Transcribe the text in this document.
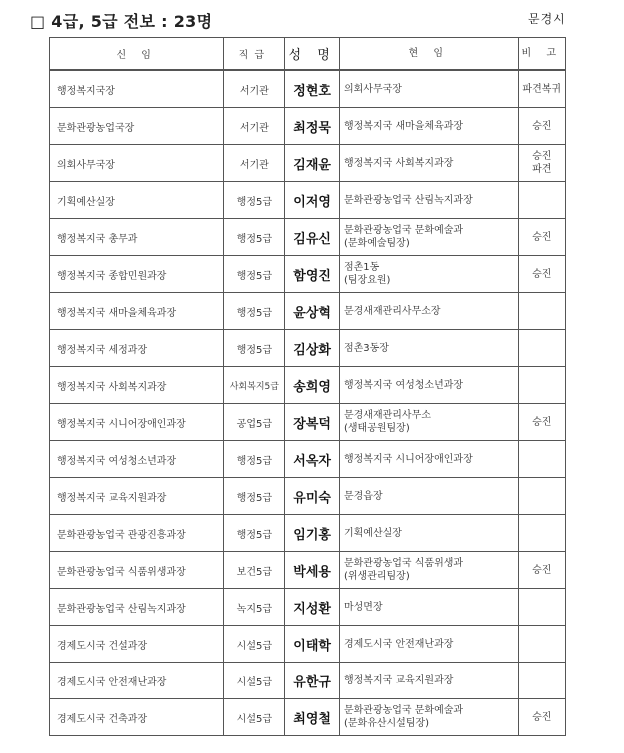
□ 4급, 5급 전보 : 23명	문경시
신 임	직급	성 명	현 임	비 고

행정복지국장	서기관	정현호	의회사무국장	파견복귀

문화관광농업국장	서기관	최정묵	행정복지국 새마을체육과장	승진

의회사무국장	서기관	김재윤	행정복지국 사회복지과장	승진
파견

기획예산실장	행정5급	이저영	문화관광농업국 산림녹지과장	

행정복지국 총무과	행정5급	김유신	문화관광농업국 문화예술과
(문화예술팀장)	승진

행정복지국 종합민원과장	행정5급	함영진	점촌1동
(팀장요원)	승진

행정복지국 새마을체육과장	행정5급	윤상혁	문경새재관리사무소장	

행정복지국 세정과장	행정5급	김상화	점촌3동장	

행정복지국 사회복지과장	사회복지5급	송희영	행정복지국 여성청소년과장	

행정복지국 시니어장애인과장	공업5급	장복덕	문경새재관리사무소
(생태공원팀장)	승진

행정복지국 여성청소년과장	행정5급	서옥자	행정복지국 시니어장애인과장	

행정복지국 교육지원과장	행정5급	유미숙	문경읍장	

문화관광농업국 관광진흥과장	행정5급	임기홍	기획예산실장	

문화관광농업국 식품위생과장	보건5급	박세용	문화관광농업국 식품위생과
(위생관리팀장)	승진

문화관광농업국 산림녹지과장	녹지5급	지성환	마성면장	

경제도시국 건설과장	시설5급	이태학	경제도시국 안전재난과장	

경제도시국 안전재난과장	시설5급	유한규	행정복지국 교육지원과장	

경제도시국 건축과장	시설5급	최영철	문화관광농업국 문화예술과
(문화유산시설팀장)	승진
